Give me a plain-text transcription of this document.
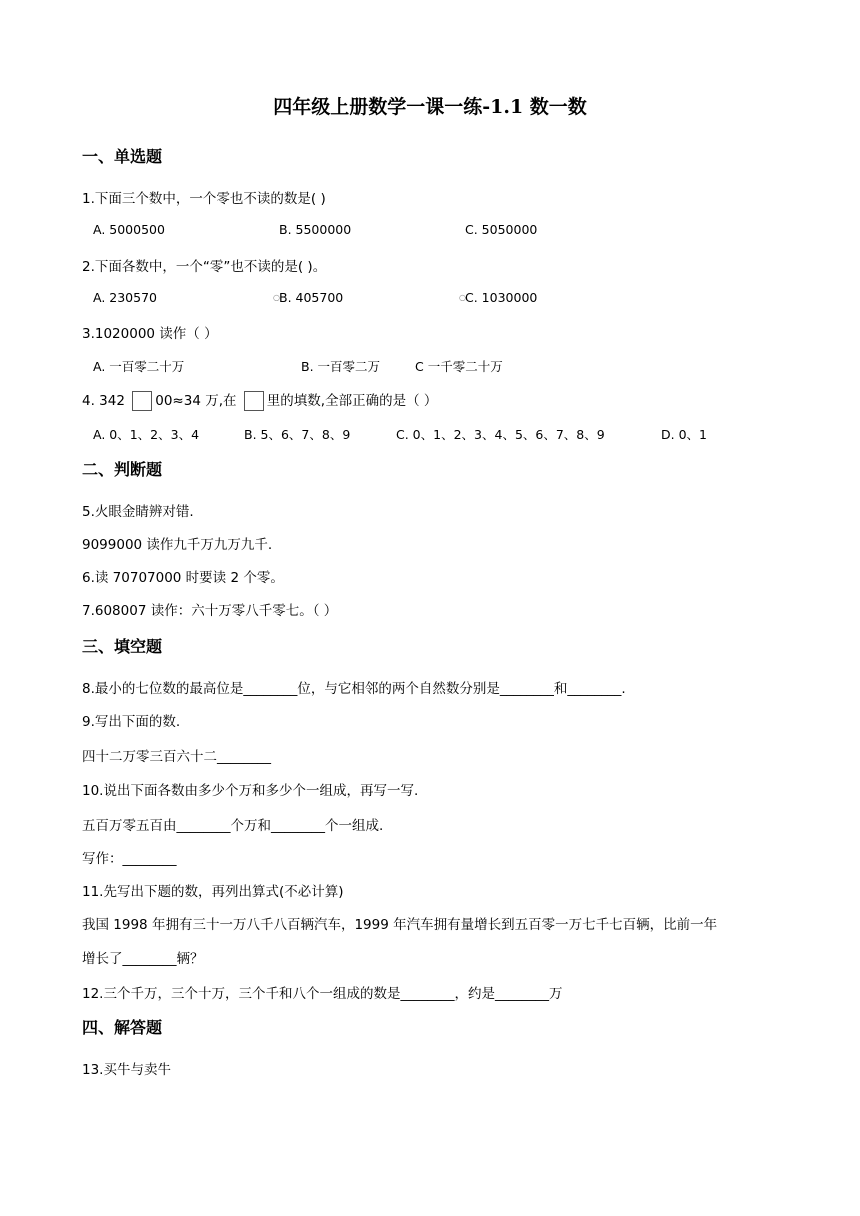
四年级上册数学一课一练-1.1 数一数
一、单选题
1.下面三个数中，一个零也不读的数是( )
A. 5000500	B. 5500000	C. 5050000
2.下面各数中，一个“零”也不读的是( )。
A. 230570	○ B. 405700	○ C. 1030000
3.1020000 读作（ ）
A. 一百零二十万	B. 一百零二万	C 一千零二十万
4. 342 00≈34 万,在 里的填数,全部正确的是（ ）
A. 0、1、2、3、4	B. 5、6、7、8、9	C. 0、1、2、3、4、5、6、7、8、9	D. 0、1
二、判断题
5.火眼金睛辨对错.
9099000 读作九千万九万九千.
6.读 70707000 时要读 2 个零。
7.608007 读作：六十万零八千零七。（ ）
三、填空题
8.最小的七位数的最高位是________位，与它相邻的两个自然数分别是________和________.
9.写出下面的数.
四十二万零三百六十二________
10.说出下面各数由多少个万和多少个一组成，再写一写.
五百万零五百由________个万和________个一组成.
写作：________
11.先写出下题的数，再列出算式(不必计算)
我国 1998 年拥有三十一万八千八百辆汽车，1999 年汽车拥有量增长到五百零一万七千七百辆，比前一年
增长了________辆？
12.三个千万，三个十万，三个千和八个一组成的数是________，约是________万
四、解答题
13.买牛与卖牛
